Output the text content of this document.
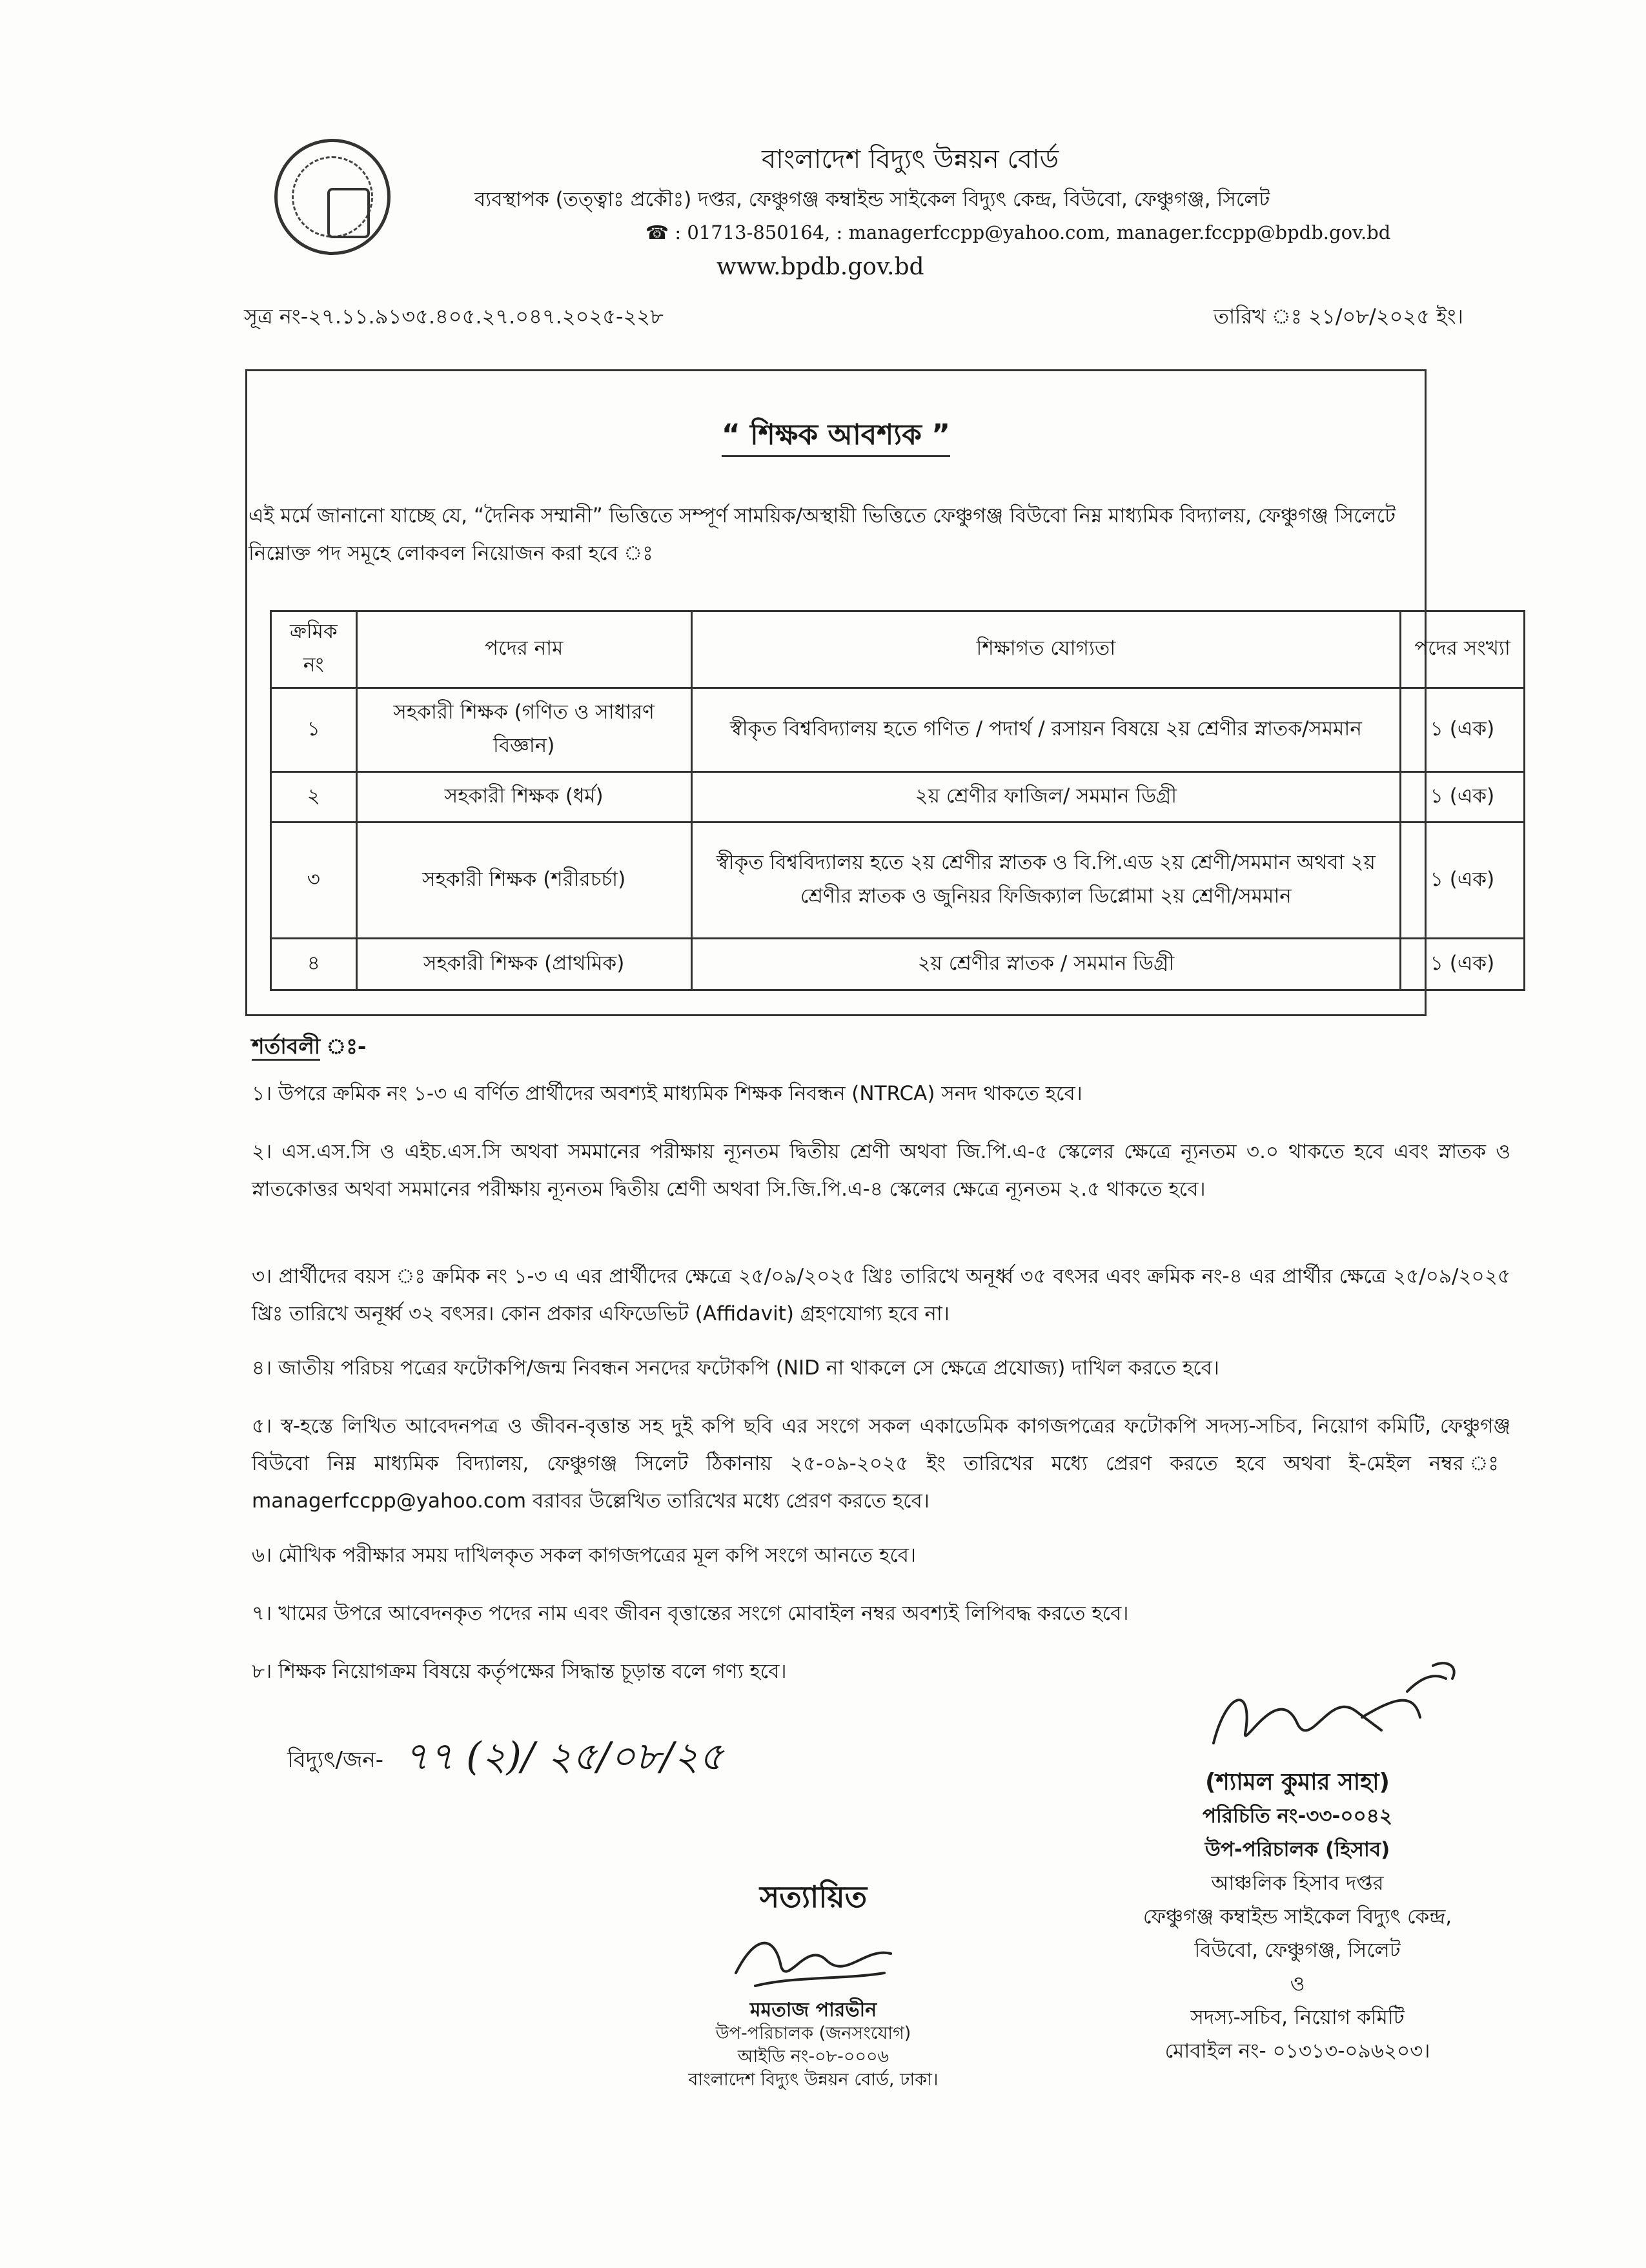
বাংলাদেশ বিদ্যুৎ উন্নয়ন বোর্ড
ব্যবস্থাপক (তত্ত্বাঃ প্রকৌঃ) দপ্তর, ফেঞ্চুগঞ্জ কম্বাইন্ড সাইকেল বিদ্যুৎ কেন্দ্র, বিউবো, ফেঞ্চুগঞ্জ, সিলেট
☎ : 01713-850164, : managerfccpp@yahoo.com, manager.fccpp@bpdb.gov.bd
www.bpdb.gov.bd
সূত্র নং-২৭.১১.৯১৩৫.৪০৫.২৭.০৪৭.২০২৫-২২৮	তারিখ ঃ ২১/০৮/২০২৫ ইং।
“ শিক্ষক আবশ্যক ”
এই মর্মে জানানো যাচ্ছে যে, “দৈনিক সম্মানী” ভিত্তিতে সম্পূর্ণ সাময়িক/অস্থায়ী ভিত্তিতে ফেঞ্চুগঞ্জ বিউবো নিম্ন মাধ্যমিক বিদ্যালয়, ফেঞ্চুগঞ্জ সিলেটে নিম্নোক্ত পদ সমূহে লোকবল নিয়োজন করা হবে ঃ
ক্রমিক নং	পদের নাম	শিক্ষাগত যোগ্যতা	পদের সংখ্যা
১	সহকারী শিক্ষক (গণিত ও সাধারণ বিজ্ঞান)	স্বীকৃত বিশ্ববিদ্যালয় হতে গণিত / পদার্থ / রসায়ন বিষয়ে ২য় শ্রেণীর স্নাতক/সমমান	১ (এক)
২	সহকারী শিক্ষক (ধর্ম)	২য় শ্রেণীর ফাজিল/ সমমান ডিগ্রী	১ (এক)
৩	সহকারী শিক্ষক (শরীরচর্চা)	স্বীকৃত বিশ্ববিদ্যালয় হতে ২য় শ্রেণীর স্নাতক ও বি.পি.এড ২য় শ্রেণী/সমমান অথবা ২য় শ্রেণীর স্নাতক ও জুনিয়র ফিজিক্যাল ডিপ্লোমা ২য় শ্রেণী/সমমান	১ (এক)
৪	সহকারী শিক্ষক (প্রাথমিক)	২য় শ্রেণীর স্নাতক / সমমান ডিগ্রী	১ (এক)
শর্তাবলী ঃ-
১। উপরে ক্রমিক নং ১-৩ এ বর্ণিত প্রার্থীদের অবশ্যই মাধ্যমিক শিক্ষক নিবন্ধন (NTRCA) সনদ থাকতে হবে।
২। এস.এস.সি ও এইচ.এস.সি অথবা সমমানের পরীক্ষায় ন্যূনতম দ্বিতীয় শ্রেণী অথবা জি.পি.এ-৫ স্কেলের ক্ষেত্রে ন্যূনতম ৩.০ থাকতে হবে এবং স্নাতক ও স্নাতকোত্তর অথবা সমমানের পরীক্ষায় ন্যূনতম দ্বিতীয় শ্রেণী অথবা সি.জি.পি.এ-৪ স্কেলের ক্ষেত্রে ন্যূনতম ২.৫ থাকতে হবে।
৩। প্রার্থীদের বয়স ঃ ক্রমিক নং ১-৩ এ এর প্রার্থীদের ক্ষেত্রে ২৫/০৯/২০২৫ খ্রিঃ তারিখে অনূর্ধ্ব ৩৫ বৎসর এবং ক্রমিক নং-৪ এর প্রার্থীর ক্ষেত্রে ২৫/০৯/২০২৫ খ্রিঃ তারিখে অনূর্ধ্ব ৩২ বৎসর। কোন প্রকার এফিডেভিট (Affidavit) গ্রহণযোগ্য হবে না।
৪। জাতীয় পরিচয় পত্রের ফটোকপি/জন্ম নিবন্ধন সনদের ফটোকপি (NID না থাকলে সে ক্ষেত্রে প্রযোজ্য) দাখিল করতে হবে।
৫। স্ব-হস্তে লিখিত আবেদনপত্র ও জীবন-বৃত্তান্ত সহ দুই কপি ছবি এর সংগে সকল একাডেমিক কাগজপত্রের ফটোকপি সদস্য-সচিব, নিয়োগ কমিটি, ফেঞ্চুগঞ্জ বিউবো নিম্ন মাধ্যমিক বিদ্যালয়, ফেঞ্চুগঞ্জ সিলেট ঠিকানায় ২৫-০৯-২০২৫ ইং তারিখের মধ্যে প্রেরণ করতে হবে অথবা ই-মেইল নম্বর ঃ managerfccpp@yahoo.com বরাবর উল্লেখিত তারিখের মধ্যে প্রেরণ করতে হবে।
৬। মৌখিক পরীক্ষার সময় দাখিলকৃত সকল কাগজপত্রের মূল কপি সংগে আনতে হবে।
৭। খামের উপরে আবেদনকৃত পদের নাম এবং জীবন বৃত্তান্তের সংগে মোবাইল নম্বর অবশ্যই লিপিবদ্ধ করতে হবে।
৮। শিক্ষক নিয়োগক্রম বিষয়ে কর্তৃপক্ষের সিদ্ধান্ত চূড়ান্ত বলে গণ্য হবে।
বিদ্যুৎ/জন- ৭৭ (২)/ ২৫/০৮/২৫
(শ্যামল কুমার সাহা)
পরিচিতি নং-৩৩-০০৪২
উপ-পরিচালক (হিসাব)
আঞ্চলিক হিসাব দপ্তর
ফেঞ্চুগঞ্জ কম্বাইন্ড সাইকেল বিদ্যুৎ কেন্দ্র,
বিউবো, ফেঞ্চুগঞ্জ, সিলেট
ও
সদস্য-সচিব, নিয়োগ কমিটি
মোবাইল নং- ০১৩১৩-০৯৬২০৩।
সত্যায়িত
মমতাজ পারভীন
উপ-পরিচালক (জনসংযোগ)
আইডি নং-০৮-০০০৬
বাংলাদেশ বিদ্যুৎ উন্নয়ন বোর্ড, ঢাকা।
